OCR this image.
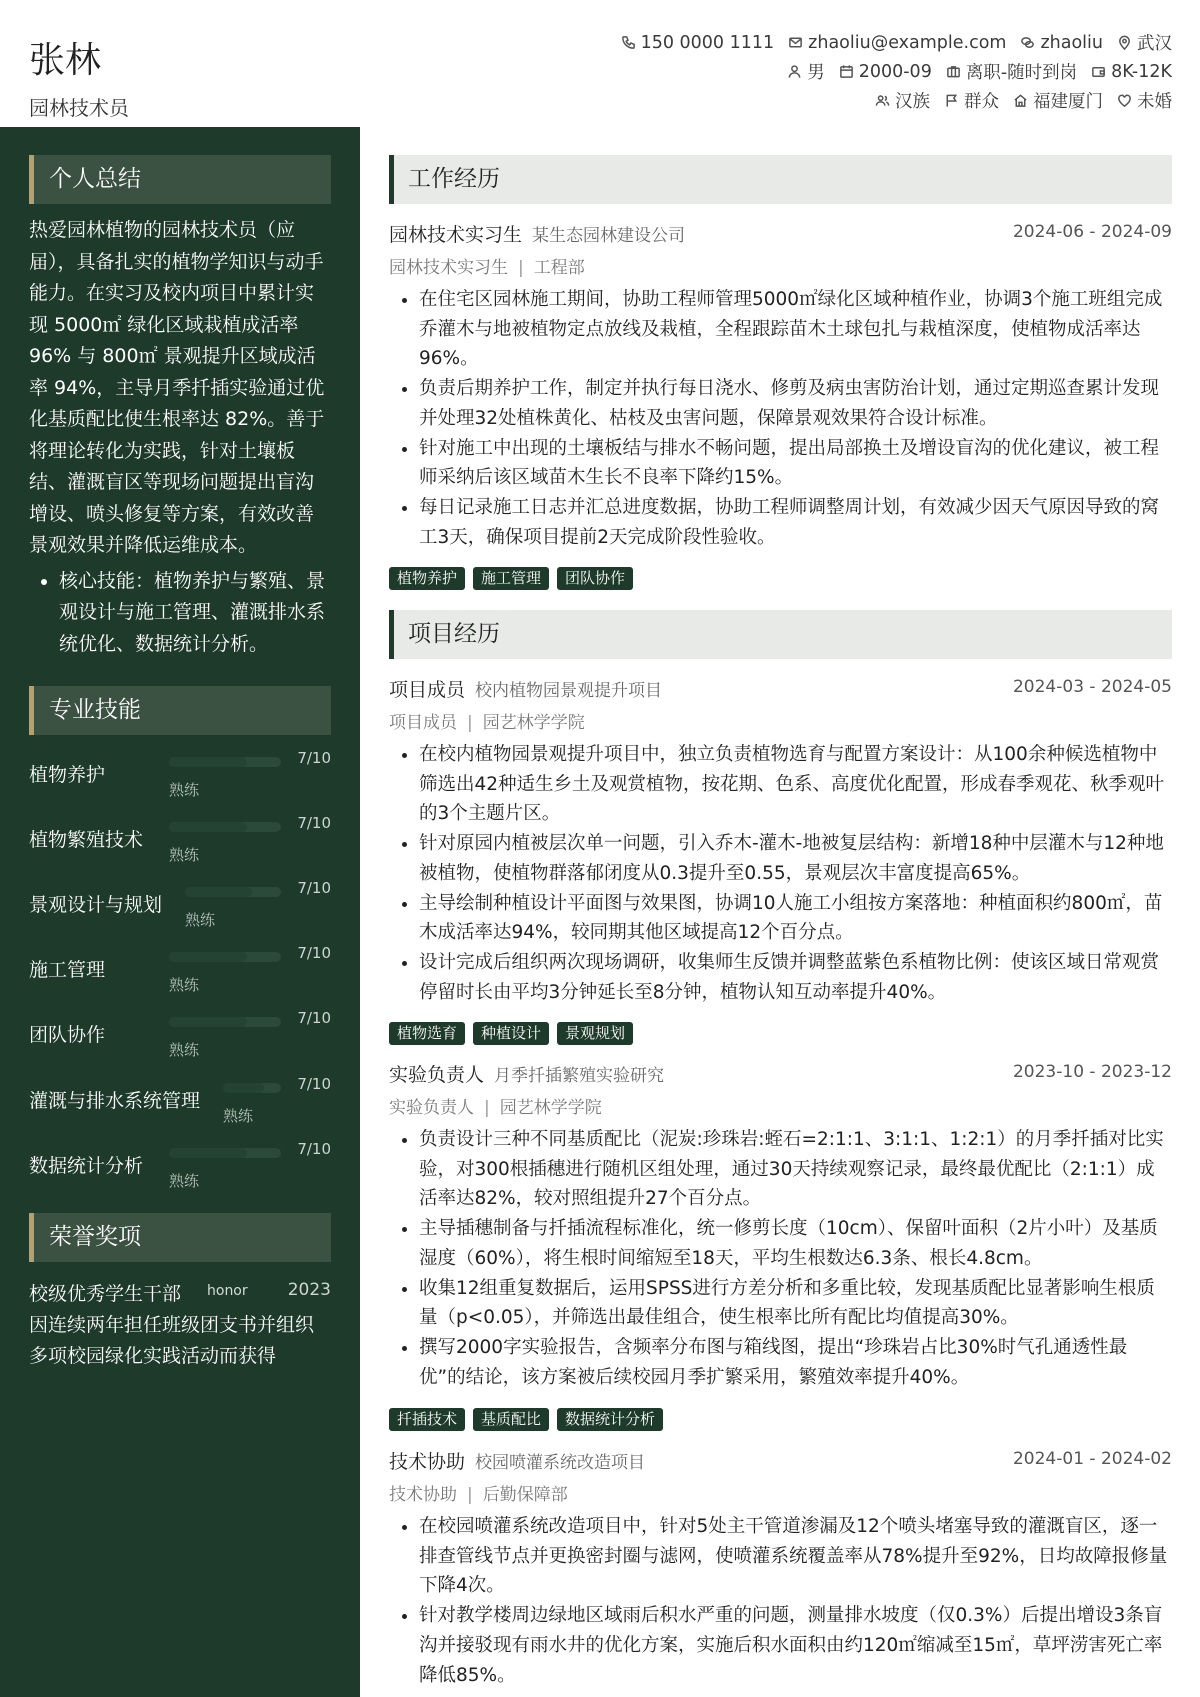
张林
园林技术员
150 0000 1111 zhaoliu@example.com zhaoliu 武汉
男 2000-09 离职-随时到岗 8K-12K
汉族 群众 福建厦门 未婚
个人总结
热爱园林植物的园林技术员（应届），具备扎实的植物学知识与动手能力。在实习及校内项目中累计实现 5000㎡ 绿化区域栽植成活率 96% 与 800㎡ 景观提升区域成活率 94%，主导月季扦插实验通过优化基质配比使生根率达 82%。善于将理论转化为实践，针对土壤板结、灌溉盲区等现场问题提出盲沟增设、喷头修复等方案，有效改善景观效果并降低运维成本。
• 核心技能：植物养护与繁殖、景观设计与施工管理、灌溉排水系统优化、数据统计分析。
专业技能
植物养护
7/10
熟练
植物繁殖技术
7/10
熟练
景观设计与规划
7/10
熟练
施工管理
7/10
熟练
团队协作
7/10
熟练
灌溉与排水系统管理
7/10
熟练
数据统计分析
7/10
熟练
荣誉奖项
校级优秀学生干部 honor 2023
因连续两年担任班级团支书并组织多项校园绿化实践活动而获得
工作经历
园林技术实习生 某生态园林建设公司	2024-06 - 2024-09
园林技术实习生 | 工程部
• 在住宅区园林施工期间，协助工程师管理5000㎡绿化区域种植作业，协调3个施工班组完成乔灌木与地被植物定点放线及栽植，全程跟踪苗木土球包扎与栽植深度，使植物成活率达96%。
• 负责后期养护工作，制定并执行每日浇水、修剪及病虫害防治计划，通过定期巡查累计发现并处理32处植株黄化、枯枝及虫害问题，保障景观效果符合设计标准。
• 针对施工中出现的土壤板结与排水不畅问题，提出局部换土及增设盲沟的优化建议，被工程师采纳后该区域苗木生长不良率下降约15%。
• 每日记录施工日志并汇总进度数据，协助工程师调整周计划，有效减少因天气原因导致的窝工3天，确保项目提前2天完成阶段性验收。
植物养护	施工管理	团队协作
项目经历
项目成员 校内植物园景观提升项目	2024-03 - 2024-05
项目成员 | 园艺林学学院
• 在校内植物园景观提升项目中，独立负责植物选育与配置方案设计：从100余种候选植物中筛选出42种适生乡土及观赏植物，按花期、色系、高度优化配置，形成春季观花、秋季观叶的3个主题片区。
• 针对原园内植被层次单一问题，引入乔木-灌木-地被复层结构：新增18种中层灌木与12种地被植物，使植物群落郁闭度从0.3提升至0.55，景观层次丰富度提高65%。
• 主导绘制种植设计平面图与效果图，协调10人施工小组按方案落地：种植面积约800㎡，苗木成活率达94%，较同期其他区域提高12个百分点。
• 设计完成后组织两次现场调研，收集师生反馈并调整蓝紫色系植物比例：使该区域日常观赏停留时长由平均3分钟延长至8分钟，植物认知互动率提升40%。
植物选育	种植设计	景观规划
实验负责人 月季扦插繁殖实验研究	2023-10 - 2023-12
实验负责人 | 园艺林学学院
• 负责设计三种不同基质配比（泥炭:珍珠岩:蛭石=2:1:1、3:1:1、1:2:1）的月季扦插对比实验，对300根插穗进行随机区组处理，通过30天持续观察记录，最终最优配比（2:1:1）成活率达82%，较对照组提升27个百分点。
• 主导插穗制备与扦插流程标准化，统一修剪长度（10cm）、保留叶面积（2片小叶）及基质湿度（60%），将生根时间缩短至18天，平均生根数达6.3条、根长4.8cm。
• 收集12组重复数据后，运用SPSS进行方差分析和多重比较，发现基质配比显著影响生根质量（p<0.05），并筛选出最佳组合，使生根率比所有配比均值提高30%。
• 撰写2000字实验报告，含频率分布图与箱线图，提出“珍珠岩占比30%时气孔通透性最优”的结论，该方案被后续校园月季扩繁采用，繁殖效率提升40%。
扦插技术	基质配比	数据统计分析
技术协助 校园喷灌系统改造项目	2024-01 - 2024-02
技术协助 | 后勤保障部
• 在校园喷灌系统改造项目中，针对5处主干管道渗漏及12个喷头堵塞导致的灌溉盲区，逐一排查管线节点并更换密封圈与滤网，使喷灌系统覆盖率从78%提升至92%，日均故障报修量下降4次。
• 针对教学楼周边绿地区域雨后积水严重的问题，测量排水坡度（仅0.3%）后提出增设3条盲沟并接驳现有雨水井的优化方案，实施后积水面积由约120㎡缩减至15㎡，草坪涝害死亡率降低85%。
